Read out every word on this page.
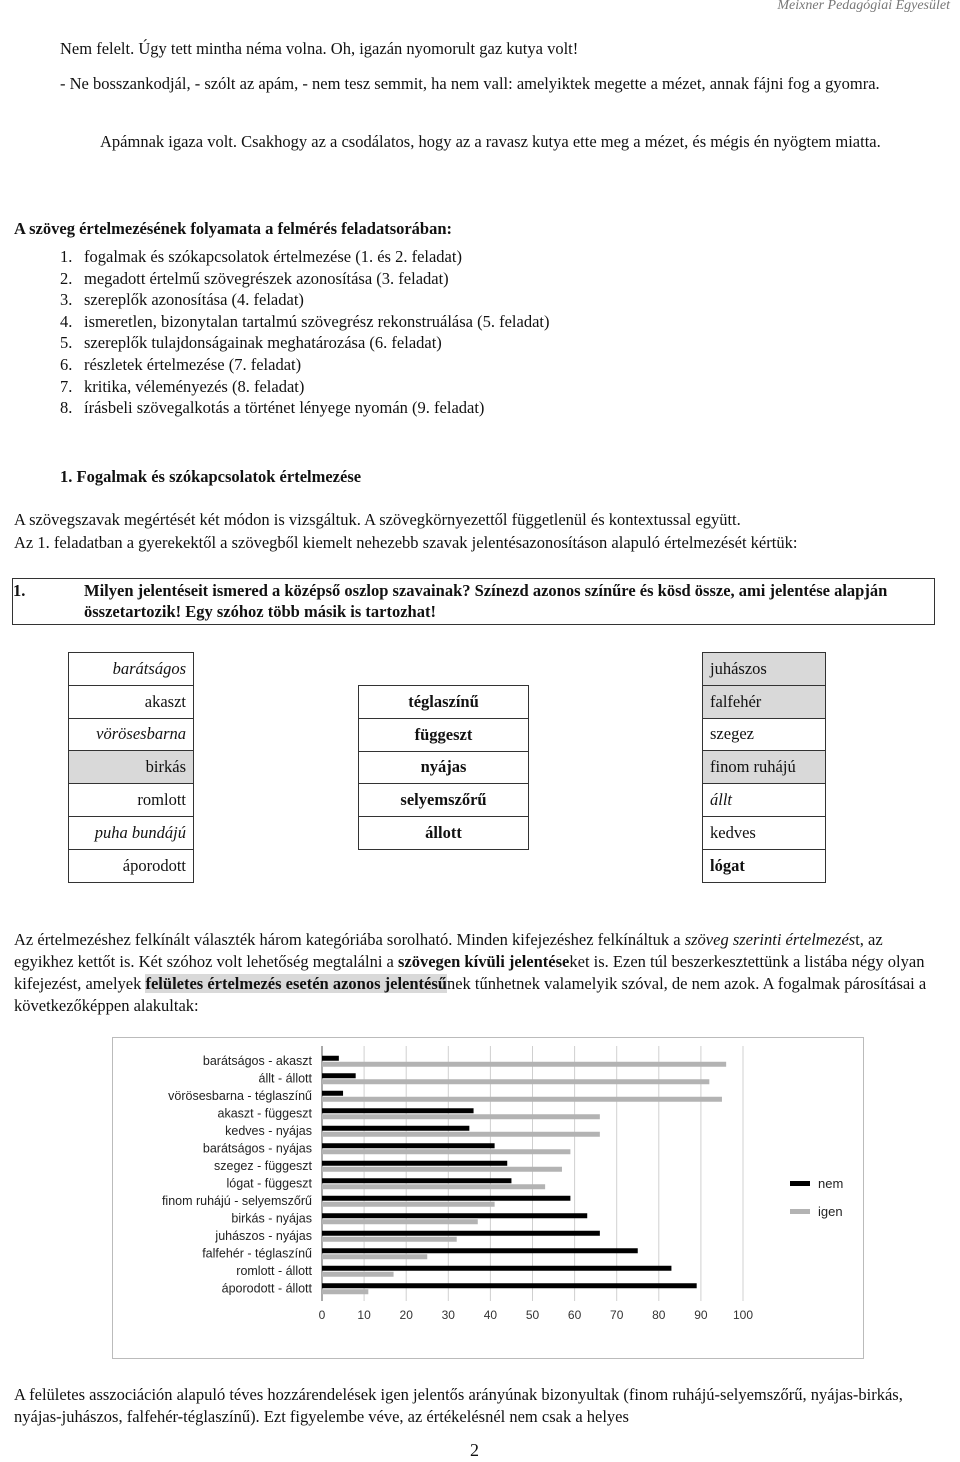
Meixner Pedagógiai Egyesület
Nem felelt. Úgy tett mintha néma volna. Oh, igazán nyomorult gaz kutya volt!
- Ne bosszankodjál, - szólt az apám, - nem tesz semmit, ha nem vall: amelyiktek megette a mézet, annak fájni fog a gyomra.
Apámnak igaza volt. Csakhogy az a csodálatos, hogy az a ravasz kutya ette meg a mézet, és mégis én nyögtem miatta.
A szöveg értelmezésének folyamata a felmérés feladatsorában:
1. fogalmak és szókapcsolatok értelmezése (1. és 2. feladat)
2. megadott értelmű szövegrészek azonosítása (3. feladat)
3. szereplők azonosítása (4. feladat)
4. ismeretlen, bizonytalan tartalmú szövegrész rekonstruálása (5. feladat)
5. szereplők tulajdonságainak meghatározása (6. feladat)
6. részletek értelmezése (7. feladat)
7. kritika, véleményezés (8. feladat)
8. írásbeli szövegalkotás a történet lényege nyomán (9. feladat)
1. Fogalmak és szókapcsolatok értelmezése
A szövegszavak megértését két módon is vizsgáltuk. A szövegkörnyezettől függetlenül és kontextussal együtt.
Az 1. feladatban a gyerekektől a szövegből kiemelt nehezebb szavak jelentésazonosításon alapuló értelmezését kértük:
1.	Milyen jelentéseit ismered a középső oszlop szavainak? Színezd azonos színűre és kösd össze, ami jelentése alapján összetartozik! Egy szóhoz több másik is tartozhat!
barátságos
akaszt
vörösesbarna
birkás
romlott
puha bundájú
áporodott
téglaszínű
függeszt
nyájas
selyemszőrű
állott
juhászos
falfehér
szegez
finom ruhájú
állt
kedves
lógat
Az értelmezéshez felkínált választék három kategóriába sorolható. Minden kifejezéshez felkínáltuk a szöveg szerinti értelmezést, az egyikhez kettőt is. Két szóhoz volt lehetőség megtalálni a szövegen kívüli jelentéseket is. Ezen túl beszerkesztettünk a listába négy olyan kifejezést, amelyek felületes értelmezés esetén azonos jelentésűnek tűnhetnek valamelyik szóval, de nem azok. A fogalmak párosításai a következőképpen alakultak:
0	10 20 30 40 50 60 70 80 90 100
barátságos - akaszt
állt - állott
vörösesbarna - téglaszínű
akaszt - függeszt
kedves - nyájas
barátságos - nyájas
szegez - függeszt
lógat - függeszt
finom ruhájú - selyemszőrű
birkás - nyájas
juhászos - nyájas
falfehér - téglaszínű
romlott - állott
áporodott - állott
nem
igen
A felületes asszociáción alapuló téves hozzárendelések igen jelentős arányúnak bizonyultak (finom ruhájú-selyemszőrű, nyájas-birkás, nyájas-juhászos, falfehér-téglaszínű). Ezt figyelembe véve, az értékelésnél nem csak a helyes
2
